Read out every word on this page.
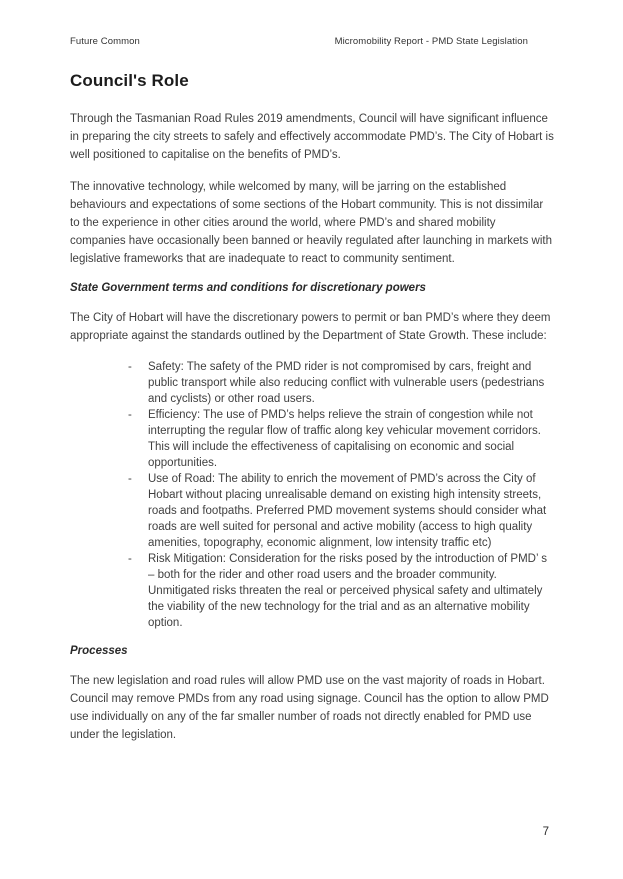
Future Common	Micromobility Report - PMD State Legislation
Council's Role

Through the Tasmanian Road Rules 2019 amendments, Council will have significant influence in preparing the city streets to safely and effectively accommodate PMD’s. The City of Hobart is well positioned to capitalise on the benefits of PMD’s.

The innovative technology, while welcomed by many, will be jarring on the established behaviours and expectations of some sections of the Hobart community. This is not dissimilar to the experience in other cities around the world, where PMD’s and shared mobility companies have occasionally been banned or heavily regulated after launching in markets with legislative frameworks that are inadequate to react to community sentiment.

State Government terms and conditions for discretionary powers

The City of Hobart will have the discretionary powers to permit or ban PMD’s where they deem appropriate against the standards outlined by the Department of State Growth. These include:

-	Safety: The safety of the PMD rider is not compromised by cars, freight and public transport while also reducing conflict with vulnerable users (pedestrians and cyclists) or other road users.
-	Efficiency: The use of PMD’s helps relieve the strain of congestion while not interrupting the regular flow of traffic along key vehicular movement corridors. This will include the effectiveness of capitalising on economic and social opportunities.
-	Use of Road: The ability to enrich the movement of PMD’s across the City of Hobart without placing unrealisable demand on existing high intensity streets, roads and footpaths. Preferred PMD movement systems should consider what roads are well suited for personal and active mobility (access to high quality amenities, topography, economic alignment, low intensity traffic etc)
-	Risk Mitigation: Consideration for the risks posed by the introduction of PMD’ s – both for the rider and other road users and the broader community. Unmitigated risks threaten the real or perceived physical safety and ultimately the viability of the new technology for the trial and as an alternative mobility option.
Processes

The new legislation and road rules will allow PMD use on the vast majority of roads in Hobart. Council may remove PMDs from any road using signage. Council has the option to allow PMD use individually on any of the far smaller number of roads not directly enabled for PMD use under the legislation.

7
